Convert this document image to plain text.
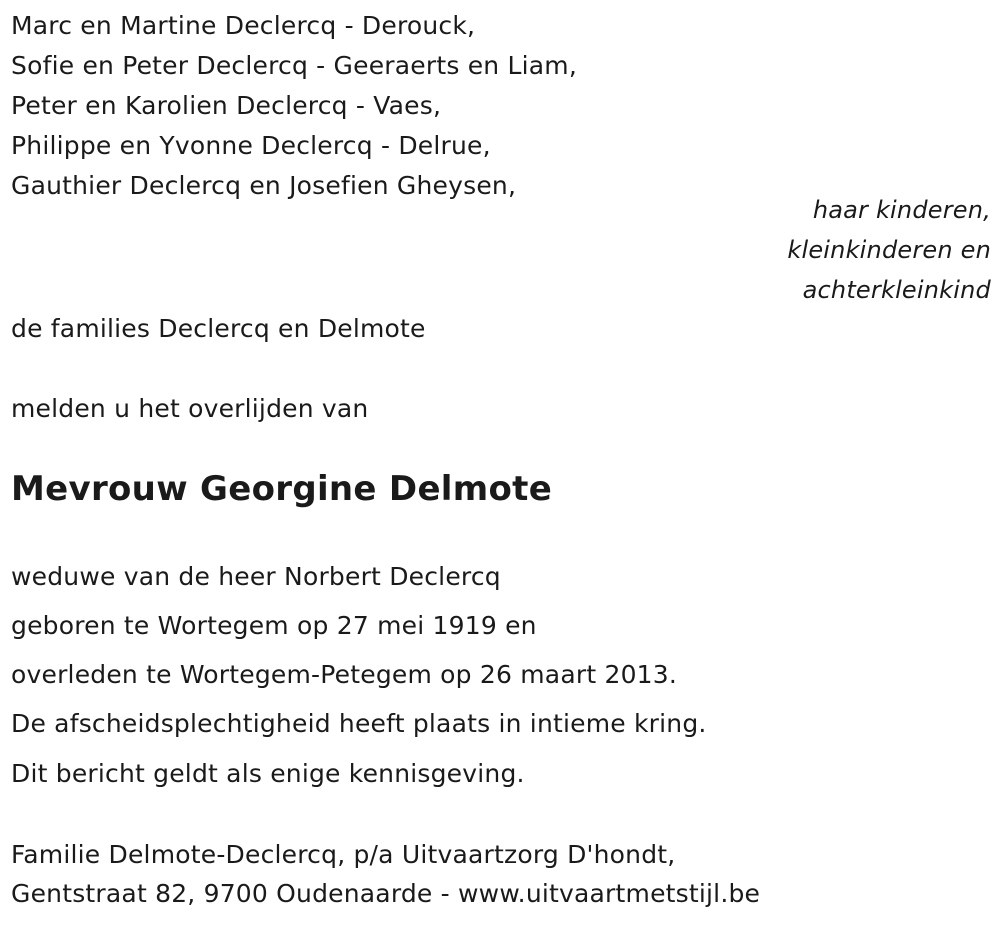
Marc en Martine Declercq - Derouck,
Sofie en Peter Declercq - Geeraerts en Liam,
Peter en Karolien Declercq - Vaes,
Philippe en Yvonne Declercq - Delrue,
Gauthier Declercq en Josefien Gheysen,
haar kinderen,
kleinkinderen en
achterkleinkind
de families Declercq en Delmote
melden u het overlijden van
Mevrouw Georgine Delmote
weduwe van de heer Norbert Declercq
geboren te Wortegem op 27 mei 1919 en
overleden te Wortegem-Petegem op 26 maart 2013.
De afscheidsplechtigheid heeft plaats in intieme kring.
Dit bericht geldt als enige kennisgeving.
Familie Delmote-Declercq, p/a Uitvaartzorg D'hondt,
Gentstraat 82, 9700 Oudenaarde - www.uitvaartmetstijl.be
